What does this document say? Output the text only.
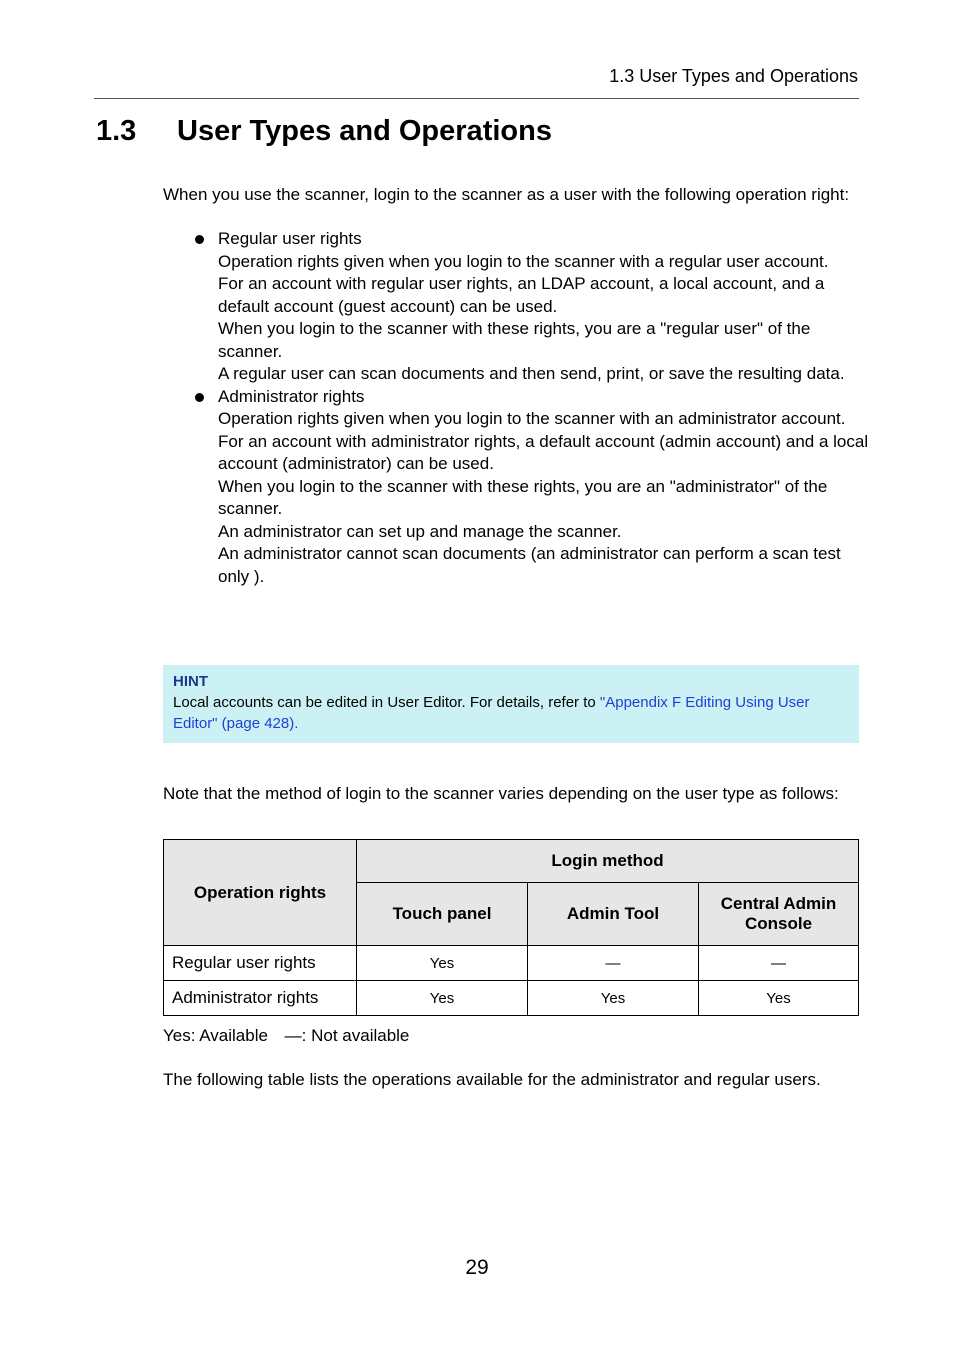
1.3 User Types and Operations
1.3	User Types and Operations
When you use the scanner, login to the scanner as a user with the following operation right:
Regular user rights
Operation rights given when you login to the scanner with a regular user account.
For an account with regular user rights, an LDAP account, a local account, and a default account (guest account) can be used.
When you login to the scanner with these rights, you are a "regular user" of the scanner.
A regular user can scan documents and then send, print, or save the resulting data.
Administrator rights
Operation rights given when you login to the scanner with an administrator account.
For an account with administrator rights, a default account (admin account) and a local account (administrator) can be used.
When you login to the scanner with these rights, you are an "administrator" of the scanner.
An administrator can set up and manage the scanner.
An administrator cannot scan documents (an administrator can perform a scan test only ).
HINT
Local accounts can be edited in User Editor. For details, refer to "Appendix F Editing Using User Editor" (page 428).
Note that the method of login to the scanner varies depending on the user type as follows:
Operation rights	Login method		
	Touch panel	Admin Tool	Central Admin Console
Regular user rights	Yes	—	—
Administrator rights	Yes	Yes	Yes
Yes: Available —: Not available
The following table lists the operations available for the administrator and regular users.
29
